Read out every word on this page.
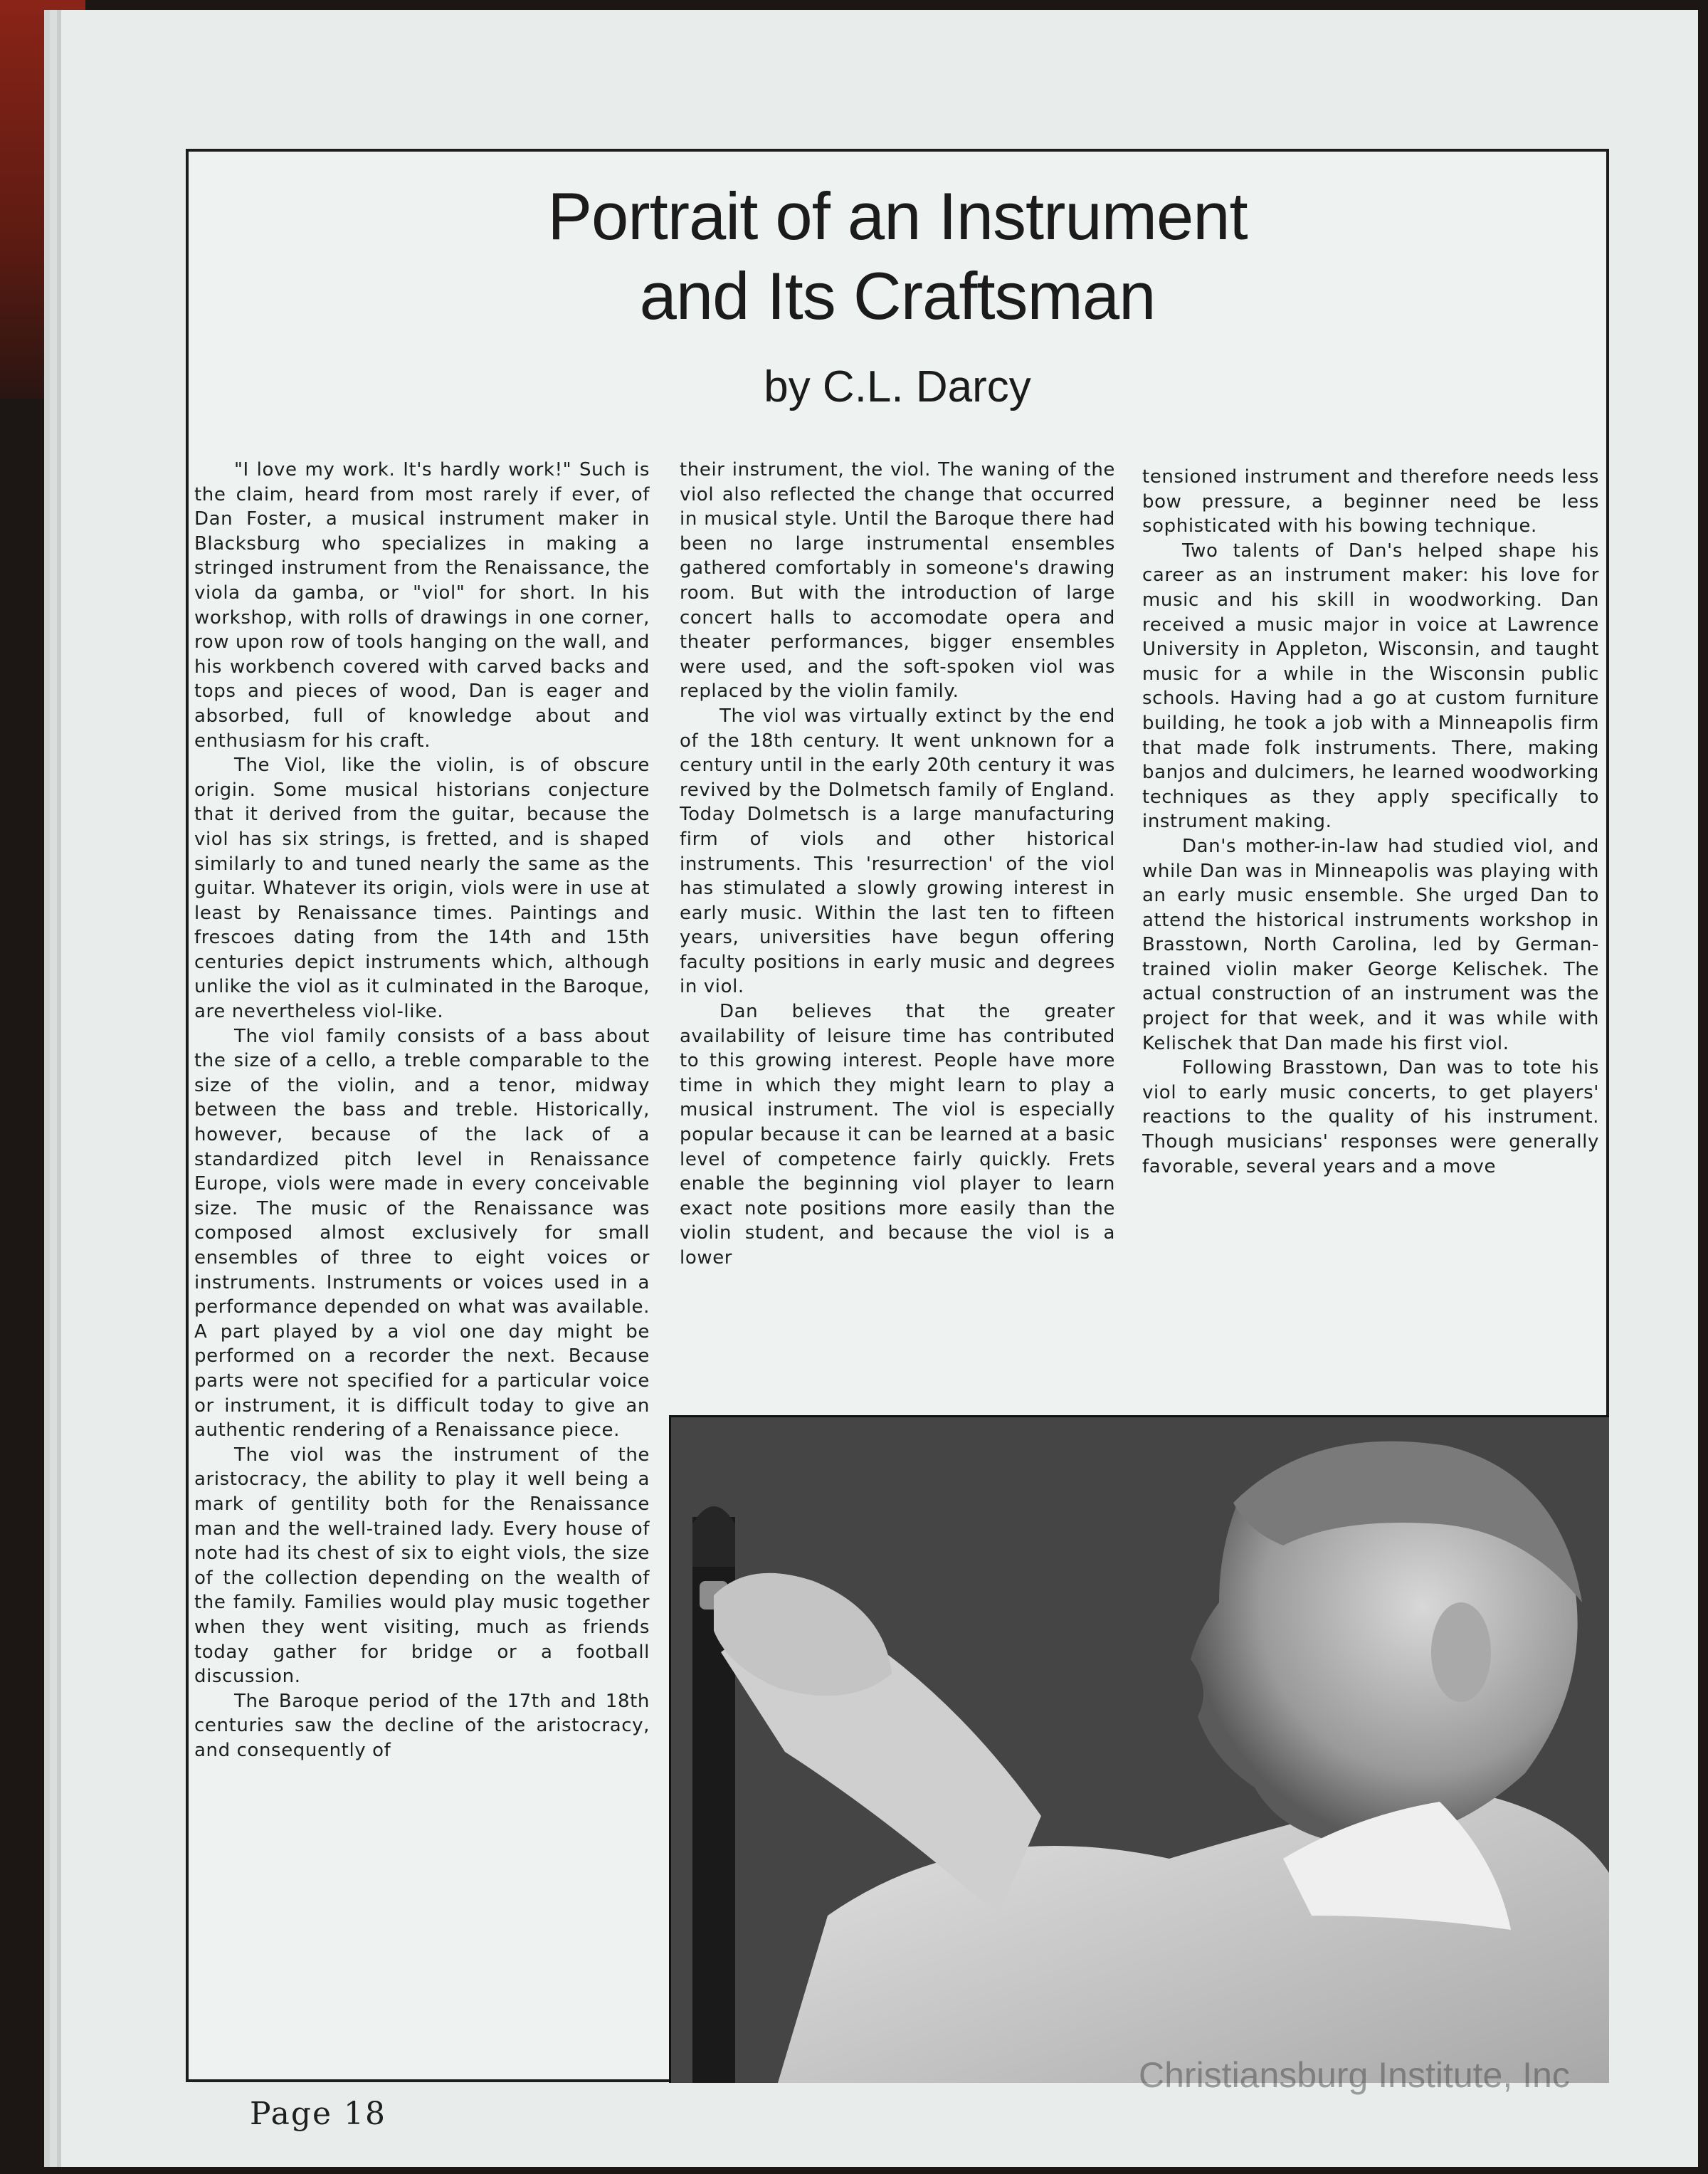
Portrait of an Instrument
and Its Craftsman
by C.L. Darcy

"I love my work. It's hardly work!" Such is the claim, heard from most rarely if ever, of Dan Foster, a musical instrument maker in Blacksburg who specializes in making a stringed instrument from the Renaissance, the viola da gamba, or "viol" for short. In his workshop, with rolls of drawings in one corner, row upon row of tools hanging on the wall, and his workbench covered with carved backs and tops and pieces of wood, Dan is eager and absorbed, full of knowledge about and enthusiasm for his craft.

The Viol, like the violin, is of obscure origin. Some musical historians conjecture that it derived from the guitar, because the viol has six strings, is fretted, and is shaped similarly to and tuned nearly the same as the guitar. Whatever its origin, viols were in use at least by Renaissance times. Paintings and frescoes dating from the 14th and 15th centuries depict instruments which, although unlike the viol as it culminated in the Baroque, are nevertheless viol-like.

The viol family consists of a bass about the size of a cello, a treble comparable to the size of the violin, and a tenor, midway between the bass and treble. Historically, however, because of the lack of a standardized pitch level in Renaissance Europe, viols were made in every conceivable size. The music of the Renaissance was composed almost exclusively for small ensembles of three to eight voices or instruments. Instruments or voices used in a performance depended on what was available. A part played by a viol one day might be performed on a recorder the next. Because parts were not specified for a particular voice or instrument, it is difficult today to give an authentic rendering of a Renaissance piece.

The viol was the instrument of the aristocracy, the ability to play it well being a mark of gentility both for the Renaissance man and the well-trained lady. Every house of note had its chest of six to eight viols, the size of the collection depending on the wealth of the family. Families would play music together when they went visiting, much as friends today gather for bridge or a football discussion.

The Baroque period of the 17th and 18th centuries saw the decline of the aristocracy, and consequently of

their instrument, the viol. The waning of the viol also reflected the change that occurred in musical style. Until the Baroque there had been no large instrumental ensembles gathered comfortably in someone's drawing room. But with the introduction of large concert halls to accomodate opera and theater performances, bigger ensembles were used, and the soft-spoken viol was replaced by the violin family.

The viol was virtually extinct by the end of the 18th century. It went unknown for a century until in the early 20th century it was revived by the Dolmetsch family of England. Today Dolmetsch is a large manufacturing firm of viols and other historical instruments. This 'resurrection' of the viol has stimulated a slowly growing interest in early music. Within the last ten to fifteen years, universities have begun offering faculty positions in early music and degrees in viol.

Dan believes that the greater availability of leisure time has contributed to this growing interest. People have more time in which they might learn to play a musical instrument. The viol is especially popular because it can be learned at a basic level of competence fairly quickly. Frets enable the beginning viol player to learn exact note positions more easily than the violin student, and because the viol is a lower

tensioned instrument and therefore needs less bow pressure, a beginner need be less sophisticated with his bowing technique.

Two talents of Dan's helped shape his career as an instrument maker: his love for music and his skill in woodworking. Dan received a music major in voice at Lawrence University in Appleton, Wisconsin, and taught music for a while in the Wisconsin public schools. Having had a go at custom furniture building, he took a job with a Minneapolis firm that made folk instruments. There, making banjos and dulcimers, he learned woodworking techniques as they apply specifically to instrument making.

Dan's mother-in-law had studied viol, and while Dan was in Minneapolis was playing with an early music ensemble. She urged Dan to attend the historical instruments workshop in Brasstown, North Carolina, led by German-trained violin maker George Kelischek. The actual construction of an instrument was the project for that week, and it was while with Kelischek that Dan made his first viol.

Following Brasstown, Dan was to tote his viol to early music concerts, to get players' reactions to the quality of his instrument. Though musicians' responses were generally favorable, several years and a move

Page 18
Christiansburg Institute, Inc
